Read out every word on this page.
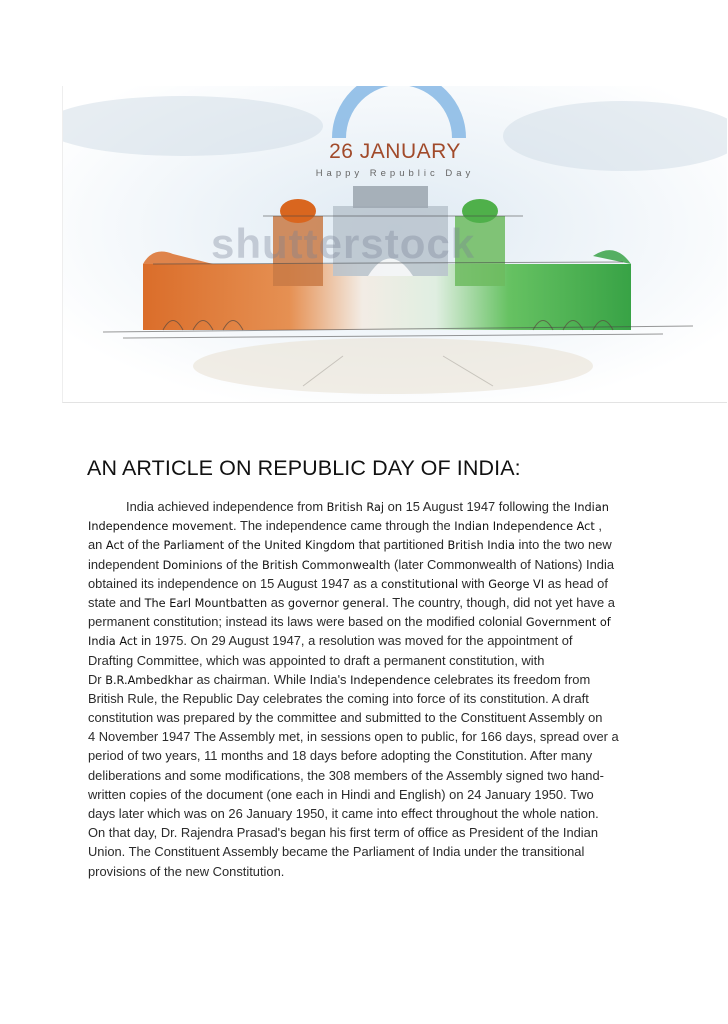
26 JANUARY
Happy Republic Day
shutterstock
AN ARTICLE ON REPUBLIC DAY OF INDIA:
India achieved independence from British Raj on 15 August 1947 following the Indian
Independence movement. The independence came through the Indian Independence Act ,
an Act of the Parliament of the United Kingdom that partitioned British India into the two new
independent Dominions of the British Commonwealth (later Commonwealth of Nations) India
obtained its independence on 15 August 1947 as a constitutional with George VI as head of
state and The Earl Mountbatten as governor general. The country, though, did not yet have a
permanent constitution; instead its laws were based on the modified colonial Government of
India Act in 1975. On 29 August 1947, a resolution was moved for the appointment of
Drafting Committee, which was appointed to draft a permanent constitution, with
Dr B.R.Ambedkhar as chairman. While India's Independence celebrates its freedom from
British Rule, the Republic Day celebrates the coming into force of its constitution. A draft
constitution was prepared by the committee and submitted to the Constituent Assembly on
4 November 1947 The Assembly met, in sessions open to public, for 166 days, spread over a
period of two years, 11 months and 18 days before adopting the Constitution. After many
deliberations and some modifications, the 308 members of the Assembly signed two hand-
written copies of the document (one each in Hindi and English) on 24 January 1950. Two
days later which was on 26 January 1950, it came into effect throughout the whole nation.
On that day, Dr. Rajendra Prasad's began his first term of office as President of the Indian
Union. The Constituent Assembly became the Parliament of India under the transitional
provisions of the new Constitution.
